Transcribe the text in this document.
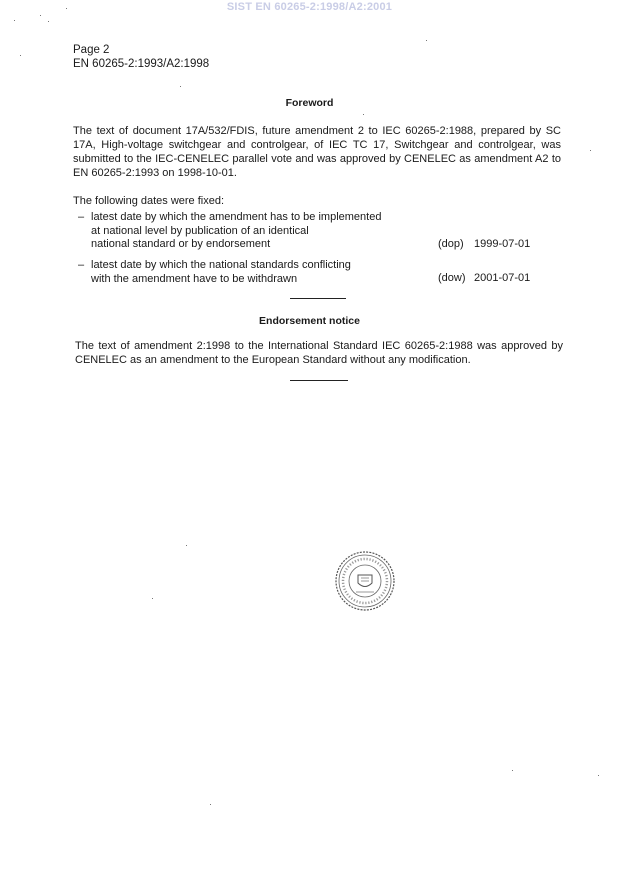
SIST EN 60265-2:1998/A2:2001
Page 2
EN 60265-2:1993/A2:1998
Foreword
The text of document 17A/532/FDIS, future amendment 2 to IEC 60265-2:1988, prepared by SC 17A, High-voltage switchgear and controlgear, of IEC TC 17, Switchgear and controlgear, was submitted to the IEC-CENELEC parallel vote and was approved by CENELEC as amendment A2 to EN 60265-2:1993 on 1998-10-01.
The following dates were fixed:
– latest date by which the amendment has to be implemented
at national level by publication of an identical
national standard or by endorsement	(dop) 1999-07-01
– latest date by which the national standards conflicting
with the amendment have to be withdrawn	(dow) 2001-07-01
Endorsement notice
The text of amendment 2:1998 to the International Standard IEC 60265-2:1988 was approved by CENELEC as an amendment to the European Standard without any modification.
